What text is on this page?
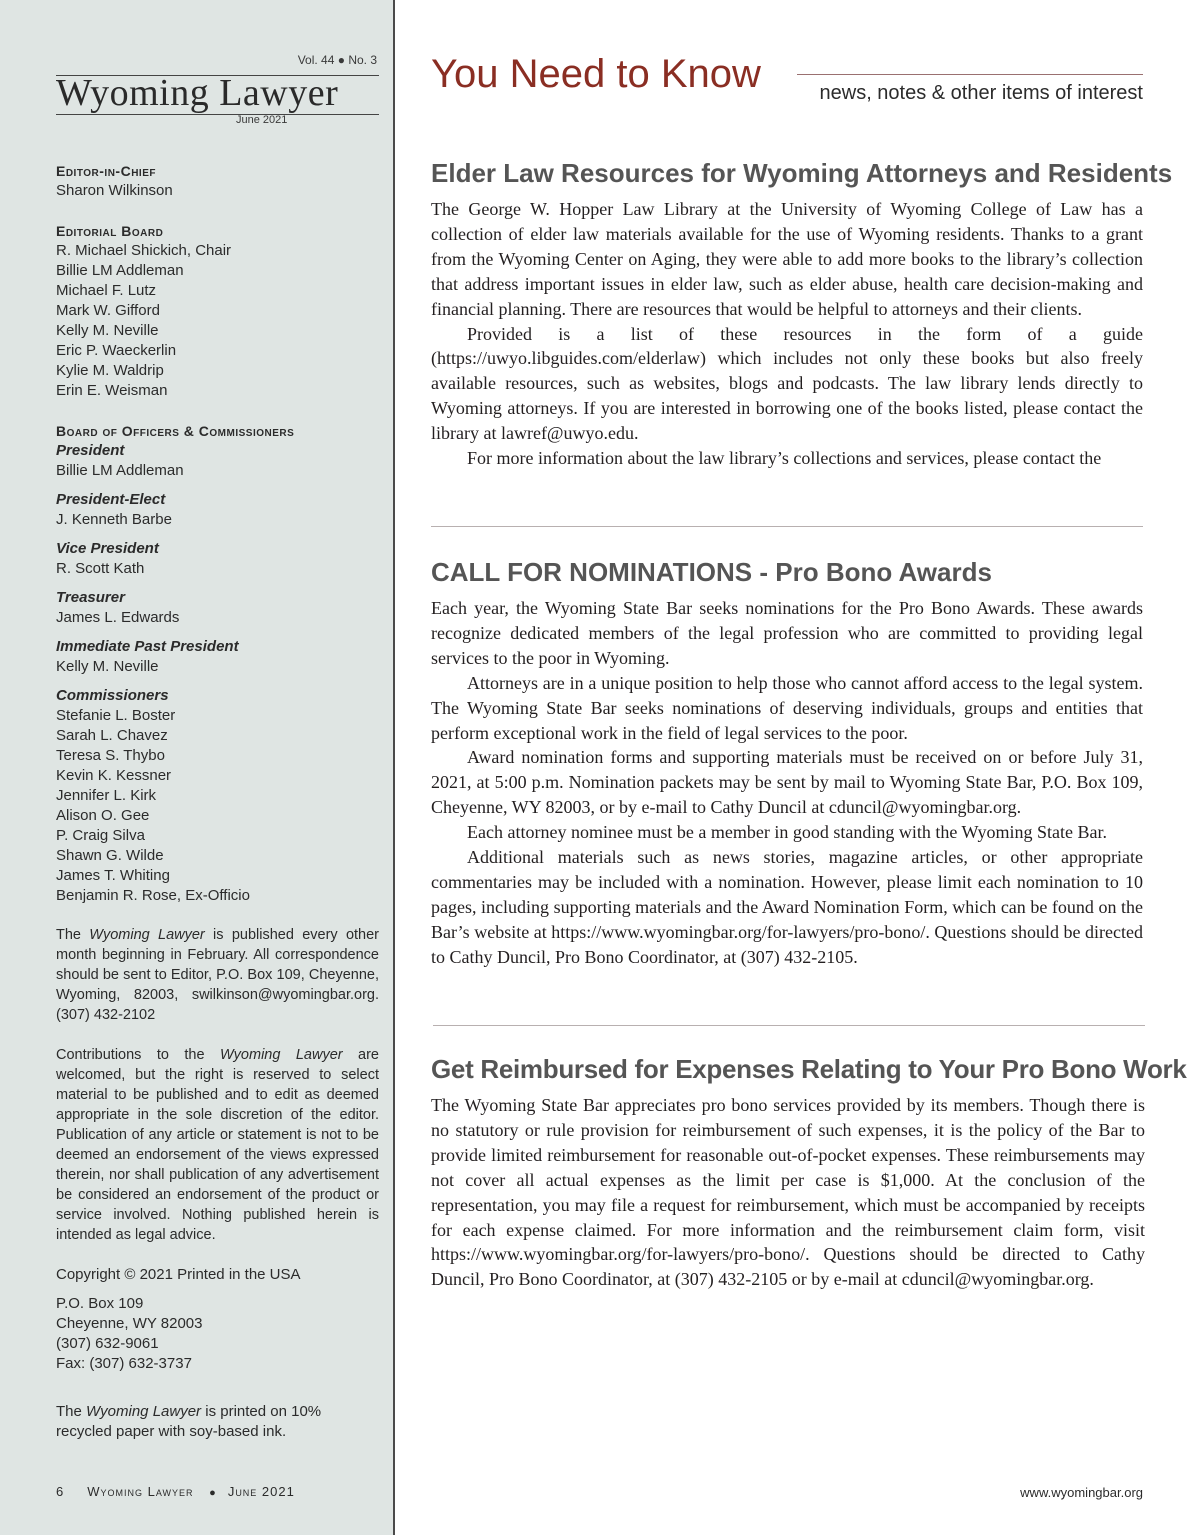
Vol. 44 ● No. 3
Wyoming Lawyer
June 2021
Editor-in-Chief
Sharon Wilkinson
Editorial Board
R. Michael Shickich, Chair
Billie LM Addleman
Michael F. Lutz
Mark W. Gifford
Kelly M. Neville
Eric P. Waeckerlin
Kylie M. Waldrip
Erin E. Weisman
Board of Officers & Commissioners
President
Billie LM Addleman
President-Elect
J. Kenneth Barbe
Vice President
R. Scott Kath
Treasurer
James L. Edwards
Immediate Past President
Kelly M. Neville
Commissioners
Stefanie L. Boster
Sarah L. Chavez
Teresa S. Thybo
Kevin K. Kessner
Jennifer L. Kirk
Alison O. Gee
P. Craig Silva
Shawn G. Wilde
James T. Whiting
Benjamin R. Rose, Ex-Officio
The Wyoming Lawyer is published every other month beginning in February. All correspondence should be sent to Editor, P.O. Box 109, Cheyenne, Wyoming, 82003, swilkinson@wyomingbar.org. (307) 432-2102
Contributions to the Wyoming Lawyer are welcomed, but the right is reserved to select material to be published and to edit as deemed appropriate in the sole discretion of the editor. Publication of any article or statement is not to be deemed an endorsement of the views expressed therein, nor shall publication of any advertisement be considered an endorsement of the product or service involved. Nothing published herein is intended as legal advice.
Copyright © 2021 Printed in the USA
P.O. Box 109
Cheyenne, WY 82003
(307) 632-9061
Fax: (307) 632-3737
The Wyoming Lawyer is printed on 10% recycled paper with soy-based ink.
6 Wyoming Lawyer ● June 2021
You Need to Know	news, notes & other items of interest
Elder Law Resources for Wyoming Attorneys and Residents

The George W. Hopper Law Library at the University of Wyoming College of Law has a collection of elder law materials available for the use of Wyoming residents. Thanks to a grant from the Wyoming Center on Aging, they were able to add more books to the library’s collection that address important issues in elder law, such as elder abuse, health care decision-making and financial planning. There are resources that would be helpful to attorneys and their clients.

Provided is a list of these resources in the form of a guide (https://uwyo.libguides.com/elderlaw) which includes not only these books but also freely available resources, such as websites, blogs and podcasts. The law library lends directly to Wyoming attorneys. If you are interested in borrowing one of the books listed, please contact the library at lawref@uwyo.edu.

For more information about the law library’s collections and services, please contact the

CALL FOR NOMINATIONS - Pro Bono Awards

Each year, the Wyoming State Bar seeks nominations for the Pro Bono Awards. These awards recognize dedicated members of the legal profession who are committed to providing legal services to the poor in Wyoming.

Attorneys are in a unique position to help those who cannot afford access to the legal system. The Wyoming State Bar seeks nominations of deserving individuals, groups and entities that perform exceptional work in the field of legal services to the poor.

Award nomination forms and supporting materials must be received on or before July 31, 2021, at 5:00 p.m. Nomination packets may be sent by mail to Wyoming State Bar, P.O. Box 109, Cheyenne, WY 82003, or by e-mail to Cathy Duncil at cduncil@wyomingbar.org.

Each attorney nominee must be a member in good standing with the Wyoming State Bar.

Additional materials such as news stories, magazine articles, or other appropriate commentaries may be included with a nomination. However, please limit each nomination to 10 pages, including supporting materials and the Award Nomination Form, which can be found on the Bar’s website at https://www.wyomingbar.org/for-lawyers/pro-bono/. Questions should be directed to Cathy Duncil, Pro Bono Coordinator, at (307) 432-2105.

Get Reimbursed for Expenses Relating to Your Pro Bono Work

The Wyoming State Bar appreciates pro bono services provided by its members. Though there is no statutory or rule provision for reimbursement of such expenses, it is the policy of the Bar to provide limited reimbursement for reasonable out-of-pocket expenses. These reimbursements may not cover all actual expenses as the limit per case is $1,000. At the conclusion of the representation, you may file a request for reimbursement, which must be accompanied by receipts for each expense claimed. For more information and the reimbursement claim form, visit https://www.wyomingbar.org/for-lawyers/pro-bono/. Questions should be directed to Cathy Duncil, Pro Bono Coordinator, at (307) 432-2105 or by e-mail at cduncil@wyomingbar.org.

www.wyomingbar.org
